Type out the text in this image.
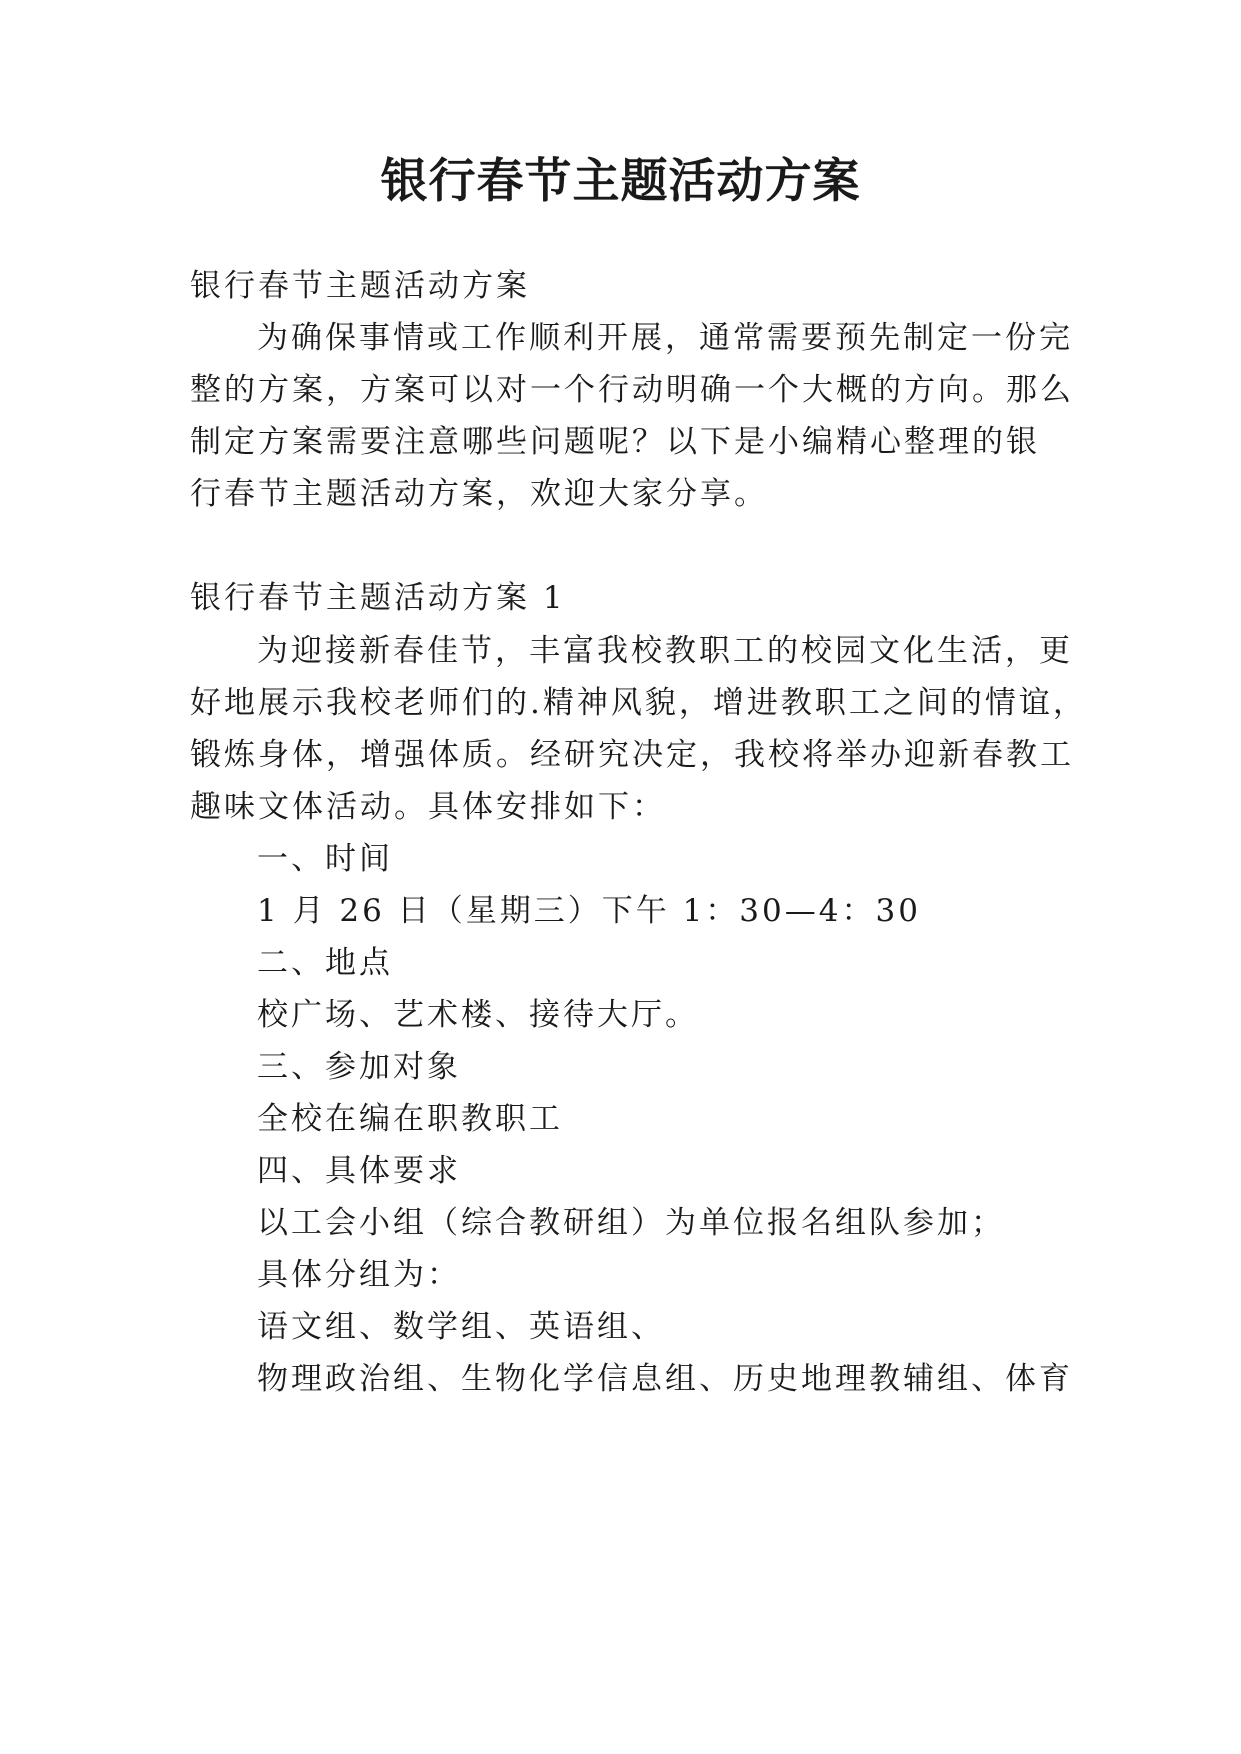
银行春节主题活动方案
银行春节主题活动方案
为确保事情或工作顺利开展，通常需要预先制定一份完
整的方案，方案可以对一个行动明确一个大概的方向。那么
制定方案需要注意哪些问题呢？以下是小编精心整理的银
行春节主题活动方案，欢迎大家分享。
银行春节主题活动方案 1
为迎接新春佳节，丰富我校教职工的校园文化生活，更
好地展示我校老师们的.精神风貌，增进教职工之间的情谊，
锻炼身体，增强体质。经研究决定，我校将举办迎新春教工
趣味文体活动。具体安排如下：
一、时间
1 月 26 日（星期三）下午 1：30—4：30
二、地点
校广场、艺术楼、接待大厅。
三、参加对象
全校在编在职教职工
四、具体要求
以工会小组（综合教研组）为单位报名组队参加；
具体分组为：
语文组、数学组、英语组、
物理政治组、生物化学信息组、历史地理教辅组、体育
